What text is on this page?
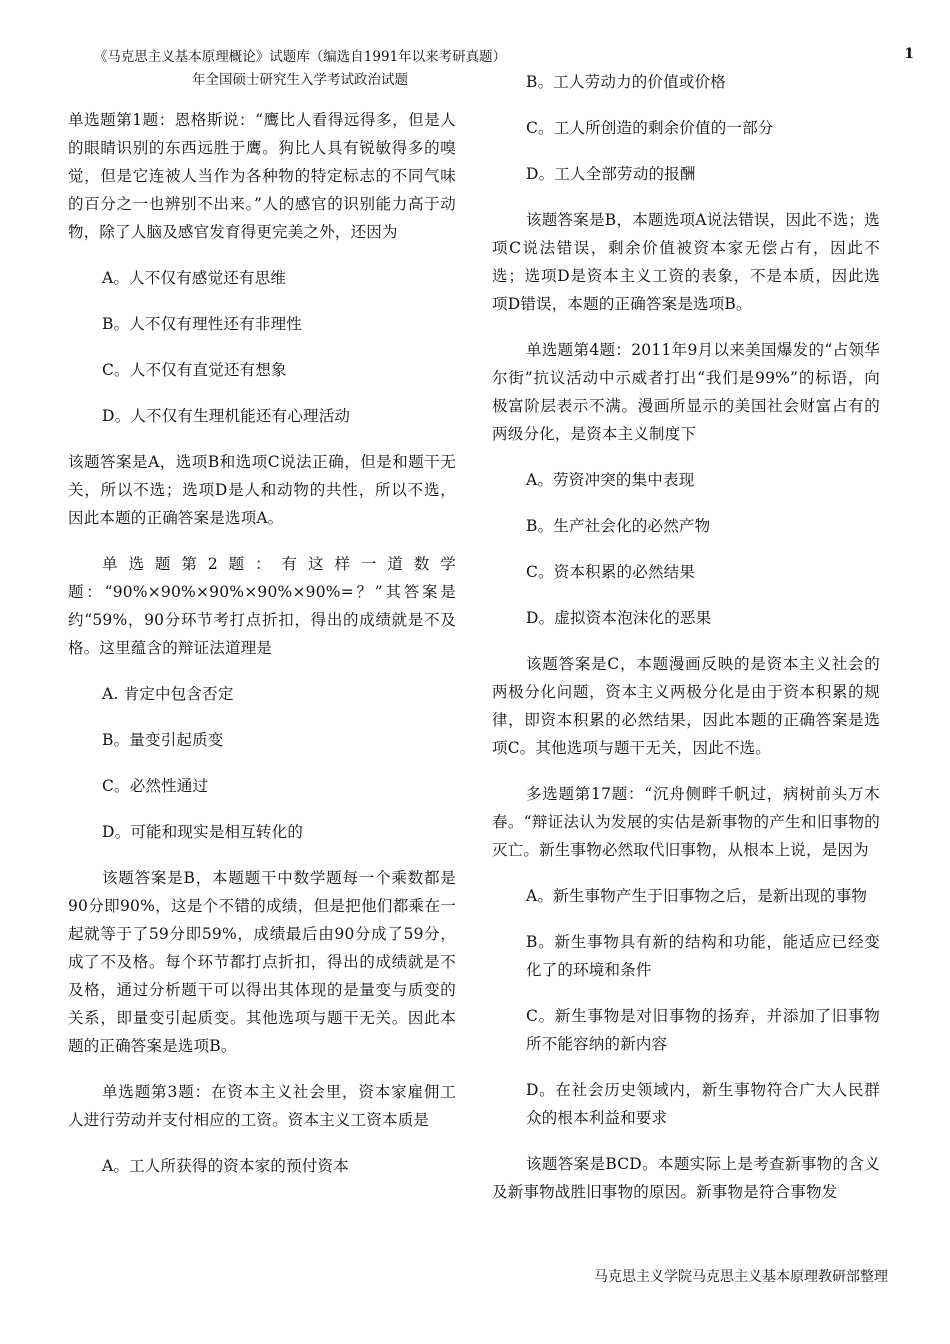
《马克思主义基本原理概论》试题库（编选自1991年以来考研真题）
年全国硕士研究生入学考试政治试题
1

单选题第1题：恩格斯说：“鹰比人看得远得多，但是人的眼睛识别的东西远胜于鹰。狗比人具有锐敏得多的嗅觉，但是它连被人当作为各种物的特定标志的不同气味的百分之一也辨别不出来。”人的感官的识别能力高于动物，除了人脑及感官发育得更完美之外，还因为

A。人不仅有感觉还有思维

B。人不仅有理性还有非理性

C。人不仅有直觉还有想象

D。人不仅有生理机能还有心理活动

该题答案是A，选项B和选项C说法正确，但是和题干无关，所以不选；选项D是人和动物的共性，所以不选，因此本题的正确答案是选项A。

单选题第2题：有这样一道数学题：“90%×90%×90%×90%×90%=？”其答案是约“59%，90分环节考打点折扣，得出的成绩就是不及格。这里蕴含的辩证法道理是

A. 肯定中包含否定

B。量变引起质变

C。必然性通过

D。可能和现实是相互转化的

该题答案是B，本题题干中数学题每一个乘数都是90分即90%，这是个不错的成绩，但是把他们都乘在一起就等于了59分即59%，成绩最后由90分成了59分，成了不及格。每个环节都打点折扣，得出的成绩就是不及格，通过分析题干可以得出其体现的是量变与质变的关系，即量变引起质变。其他选项与题干无关。因此本题的正确答案是选项B。

单选题第3题：在资本主义社会里，资本家雇佣工人进行劳动并支付相应的工资。资本主义工资本质是

A。工人所获得的资本家的预付资本

B。工人劳动力的价值或价格

C。工人所创造的剩余价值的一部分

D。工人全部劳动的报酬

该题答案是B，本题选项A说法错误，因此不选；选项C说法错误，剩余价值被资本家无偿占有，因此不选；选项D是资本主义工资的表象，不是本质，因此选项D错误，本题的正确答案是选项B。

单选题第4题：2011年9月以来美国爆发的“占领华尔街”抗议活动中示威者打出“我们是99%”的标语，向极富阶层表示不满。漫画所显示的美国社会财富占有的两级分化，是资本主义制度下

A。劳资冲突的集中表现

B。生产社会化的必然产物

C。资本积累的必然结果

D。虚拟资本泡沫化的恶果

该题答案是C，本题漫画反映的是资本主义社会的两极分化问题，资本主义两极分化是由于资本积累的规律，即资本积累的必然结果，因此本题的正确答案是选项C。其他选项与题干无关，因此不选。

多选题第17题：“沉舟侧畔千帆过，病树前头万木春。“辩证法认为发展的实估是新事物的产生和旧事物的灭亡。新生事物必然取代旧事物，从根本上说，是因为

A。新生事物产生于旧事物之后，是新出现的事物

B。新生事物具有新的结构和功能，能适应已经变化了的环境和条件

C。新生事物是对旧事物的扬弃，并添加了旧事物所不能容纳的新内容

D。在社会历史领域内，新生事物符合广大人民群众的根本利益和要求

该题答案是BCD。本题实际上是考查新事物的含义及新事物战胜旧事物的原因。新事物是符合事物发

马克思主义学院马克思主义基本原理教研部整理
